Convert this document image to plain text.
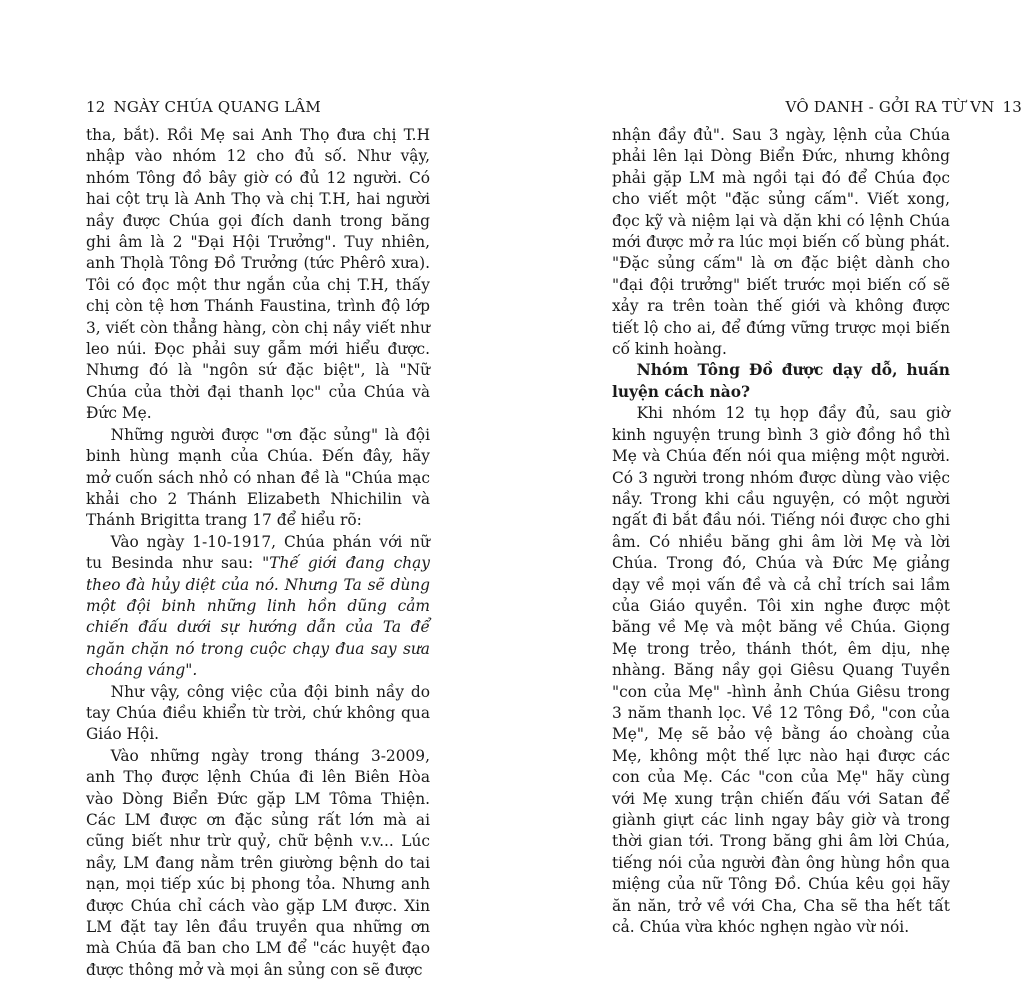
12 NGÀY CHÚA QUANG LÂM

tha, bắt). Rồi Mẹ sai Anh Thọ đưa chị T.H nhập vào nhóm 12 cho đủ số. Như vậy, nhóm Tông đồ bây giờ có đủ 12 người. Có hai cột trụ là Anh Thọ và chị T.H, hai người nầy được Chúa gọi đích danh trong băng ghi âm là 2 "Đại Hội Trưởng". Tuy nhiên, anh Thọlà Tông Đồ Trưởng (tức Phêrô xưa). Tôi có đọc một thư ngắn của chị T.H, thấy chị còn tệ hơn Thánh Faustina, trình độ lớp 3, viết còn thẳng hàng, còn chị nầy viết như leo núi. Đọc phải suy gẫm mới hiểu được. Nhưng đó là "ngôn sứ đặc biệt", là "Nữ Chúa của thời đại thanh lọc" của Chúa và Đức Mẹ.

Những người được "ơn đặc sủng" là đội binh hùng mạnh của Chúa. Đến đây, hãy mở cuốn sách nhỏ có nhan đề là "Chúa mạc khải cho 2 Thánh Elizabeth Nhichilin và Thánh Brigitta trang 17 để hiểu rõ:

Vào ngày 1-10-1917, Chúa phán với nữ tu Besinda như sau: "Thế giới đang chạy theo đà hủy diệt của nó. Nhưng Ta sẽ dùng một đội binh những linh hồn dũng cảm chiến đấu dưới sự hướng dẫn của Ta để ngăn chặn nó trong cuộc chạy đua say sưa choáng váng".

Như vậy, công việc của đội binh nầy do tay Chúa điều khiển từ trời, chứ không qua Giáo Hội.

Vào những ngày trong tháng 3-2009, anh Thọ được lệnh Chúa đi lên Biên Hòa vào Dòng Biển Đức gặp LM Tôma Thiện. Các LM được ơn đặc sủng rất lớn mà ai cũng biết như trừ quỷ, chữ bệnh v.v... Lúc nầy, LM đang nằm trên giường bệnh do tai nạn, mọi tiếp xúc bị phong tỏa. Nhưng anh được Chúa chỉ cách vào gặp LM được. Xin LM đặt tay lên đầu truyền qua những ơn mà Chúa đã ban cho LM để "các huyệt đạo được thông mở và mọi ân sủng con sẽ được

VÔ DANH - GỞI RA TỪ VN 13

nhận đầy đủ". Sau 3 ngày, lệnh của Chúa phải lên lại Dòng Biển Đức, nhưng không phải gặp LM mà ngồi tại đó để Chúa đọc cho viết một "đặc sủng cấm". Viết xong, đọc kỹ và niệm lại và dặn khi có lệnh Chúa mới được mở ra lúc mọi biến cố bùng phát. "Đặc sủng cấm" là ơn đặc biệt dành cho "đại đội trưởng" biết trước mọi biến cố sẽ xảy ra trên toàn thế giới và không được tiết lộ cho ai, để đứng vững trược mọi biến cố kinh hoàng.

Nhóm Tông Đồ được dạy dỗ, huấn luyện cách nào?

Khi nhóm 12 tụ họp đầy đủ, sau giờ kinh nguyện trung bình 3 giờ đồng hồ thì Mẹ và Chúa đến nói qua miệng một người. Có 3 người trong nhóm được dùng vào việc nầy. Trong khi cầu nguyện, có một người ngất đi bắt đầu nói. Tiếng nói được cho ghi âm. Có nhiều băng ghi âm lời Mẹ và lời Chúa. Trong đó, Chúa và Đức Mẹ giảng dạy về mọi vấn đề và cả chỉ trích sai lầm của Giáo quyền. Tôi xin nghe được một băng về Mẹ và một băng về Chúa. Giọng Mẹ trong trẻo, thánh thót, êm dịu, nhẹ nhàng. Băng nầy gọi Giêsu Quang Tuyền "con của Mẹ" -hình ảnh Chúa Giêsu trong 3 năm thanh lọc. Về 12 Tông Đồ, "con của Mẹ", Mẹ sẽ bảo vệ bằng áo choàng của Mẹ, không một thế lực nào hại được các con của Mẹ. Các "con của Mẹ" hãy cùng với Mẹ xung trận chiến đấu với Satan để giành giựt các linh ngay bây giờ và trong thời gian tới. Trong băng ghi âm lời Chúa, tiếng nói của người đàn ông hùng hồn qua miệng của nữ Tông Đồ. Chúa kêu gọi hãy ăn năn, trở về với Cha, Cha sẽ tha hết tất cả. Chúa vừa khóc nghẹn ngào vừ nói.
